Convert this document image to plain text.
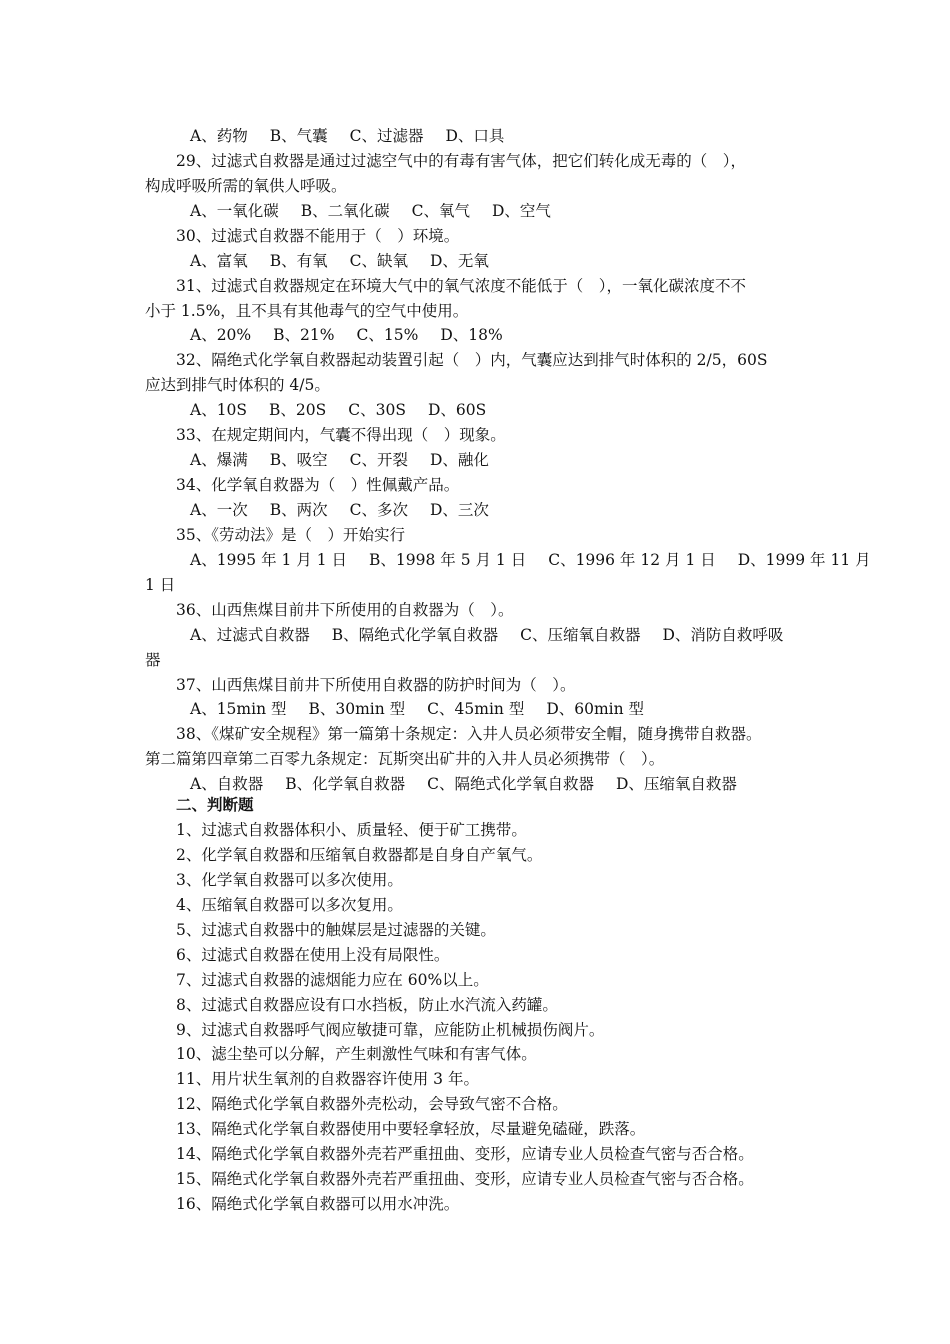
A、药物 B、气囊 C、过滤器 D、口具
29、过滤式自救器是通过过滤空气中的有毒有害气体，把它们转化成无毒的（　），
构成呼吸所需的氧供人呼吸。
A、一氧化碳 B、二氧化碳 C、氧气 D、空气
30、过滤式自救器不能用于（　）环境。
A、富氧 B、有氧 C、缺氧 D、无氧
31、过滤式自救器规定在环境大气中的氧气浓度不能低于（　），一氧化碳浓度不不
小于 1.5%，且不具有其他毒气的空气中使用。
A、20% B、21% C、15% D、18%
32、隔绝式化学氧自救器起动装置引起（　）内，气囊应达到排气时体积的 2/5，60S
应达到排气时体积的 4/5。
A、10S B、20S C、30S D、60S
33、在规定期间内，气囊不得出现（　）现象。
A、爆满 B、吸空 C、开裂 D、融化
34、化学氧自救器为（　）性佩戴产品。
A、一次 B、两次 C、多次 D、三次
35、《劳动法》是（　）开始实行
A、1995 年 1 月 1 日 B、1998 年 5 月 1 日 C、1996 年 12 月 1 日 D、1999 年 11 月
1 日
36、山西焦煤目前井下所使用的自救器为（　）。
A、过滤式自救器 B、隔绝式化学氧自救器 C、压缩氧自救器 D、消防自救呼吸
器
37、山西焦煤目前井下所使用自救器的防护时间为（　）。
A、15min 型 B、30min 型 C、45min 型 D、60min 型
38、《煤矿安全规程》第一篇第十条规定：入井人员必须带安全帽，随身携带自救器。
第二篇第四章第二百零九条规定：瓦斯突出矿井的入井人员必须携带（　）。
A、自救器 B、化学氧自救器 C、隔绝式化学氧自救器 D、压缩氧自救器
二、判断题
1、过滤式自救器体积小、质量轻、便于矿工携带。
2、化学氧自救器和压缩氧自救器都是自身自产氧气。
3、化学氧自救器可以多次使用。
4、压缩氧自救器可以多次复用。
5、过滤式自救器中的触媒层是过滤器的关键。
6、过滤式自救器在使用上没有局限性。
7、过滤式自救器的滤烟能力应在 60%以上。
8、过滤式自救器应设有口水挡板，防止水汽流入药罐。
9、过滤式自救器呼气阀应敏捷可靠，应能防止机械损伤阀片。
10、滤尘垫可以分解，产生刺激性气味和有害气体。
11、用片状生氧剂的自救器容许使用 3 年。
12、隔绝式化学氧自救器外壳松动，会导致气密不合格。
13、隔绝式化学氧自救器使用中要轻拿轻放，尽量避免磕碰，跌落。
14、隔绝式化学氧自救器外壳若严重扭曲、变形，应请专业人员检查气密与否合格。
15、隔绝式化学氧自救器外壳若严重扭曲、变形，应请专业人员检查气密与否合格。
16、隔绝式化学氧自救器可以用水冲洗。
